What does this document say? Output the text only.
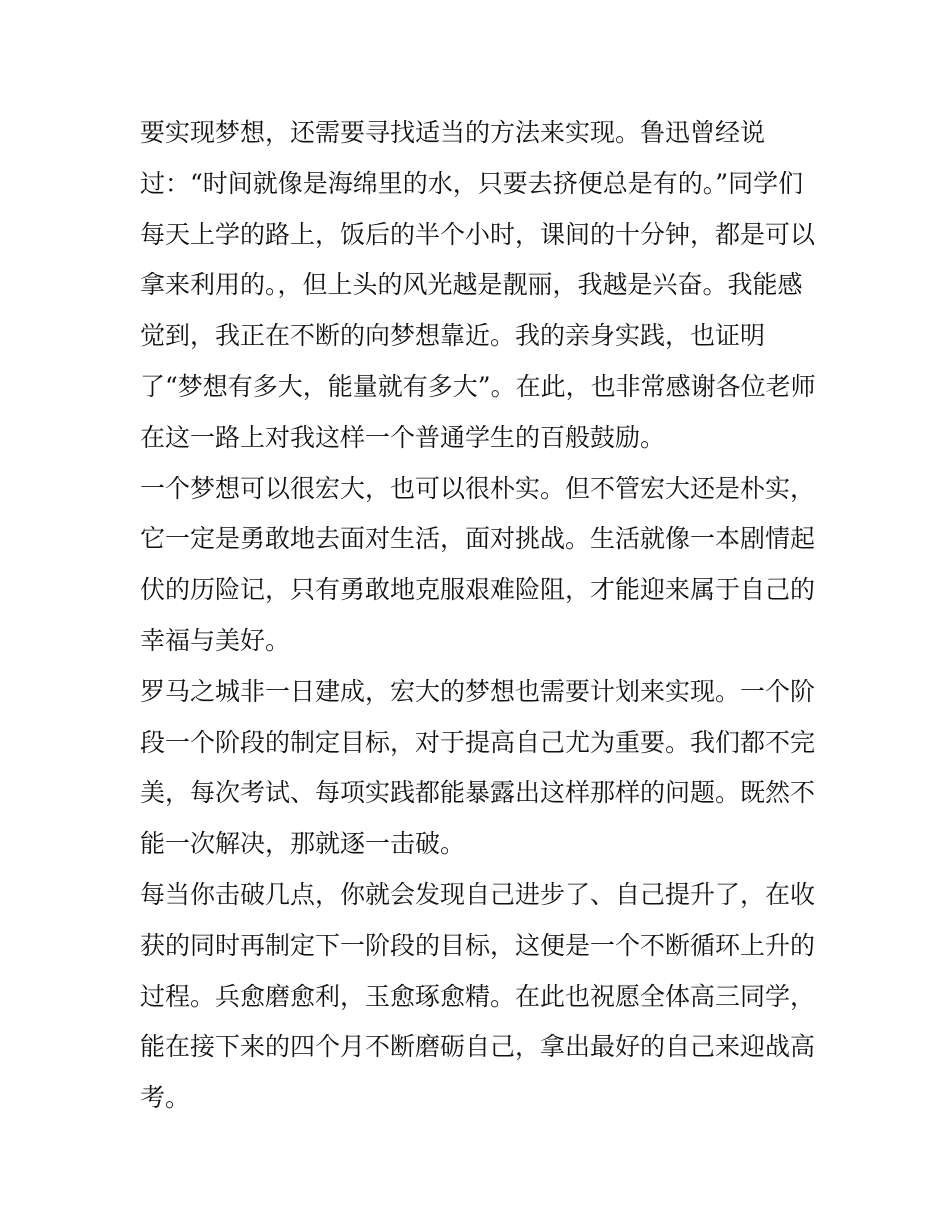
要实现梦想，还需要寻找适当的方法来实现。鲁迅曾经说
过：“时间就像是海绵里的水，只要去挤便总是有的。”同学们
每天上学的路上，饭后的半个小时，课间的十分钟，都是可以
拿来利用的。，但上头的风光越是靓丽，我越是兴奋。我能感
觉到，我正在不断的向梦想靠近。我的亲身实践，也证明
了“梦想有多大，能量就有多大”。在此，也非常感谢各位老师
在这一路上对我这样一个普通学生的百般鼓励。
一个梦想可以很宏大，也可以很朴实。但不管宏大还是朴实，
它一定是勇敢地去面对生活，面对挑战。生活就像一本剧情起
伏的历险记，只有勇敢地克服艰难险阻，才能迎来属于自己的
幸福与美好。
罗马之城非一日建成，宏大的梦想也需要计划来实现。一个阶
段一个阶段的制定目标，对于提高自己尤为重要。我们都不完
美，每次考试、每项实践都能暴露出这样那样的问题。既然不
能一次解决，那就逐一击破。
每当你击破几点，你就会发现自己进步了、自己提升了，在收
获的同时再制定下一阶段的目标，这便是一个不断循环上升的
过程。兵愈磨愈利，玉愈琢愈精。在此也祝愿全体高三同学，
能在接下来的四个月不断磨砺自己，拿出最好的自己来迎战高
考。
